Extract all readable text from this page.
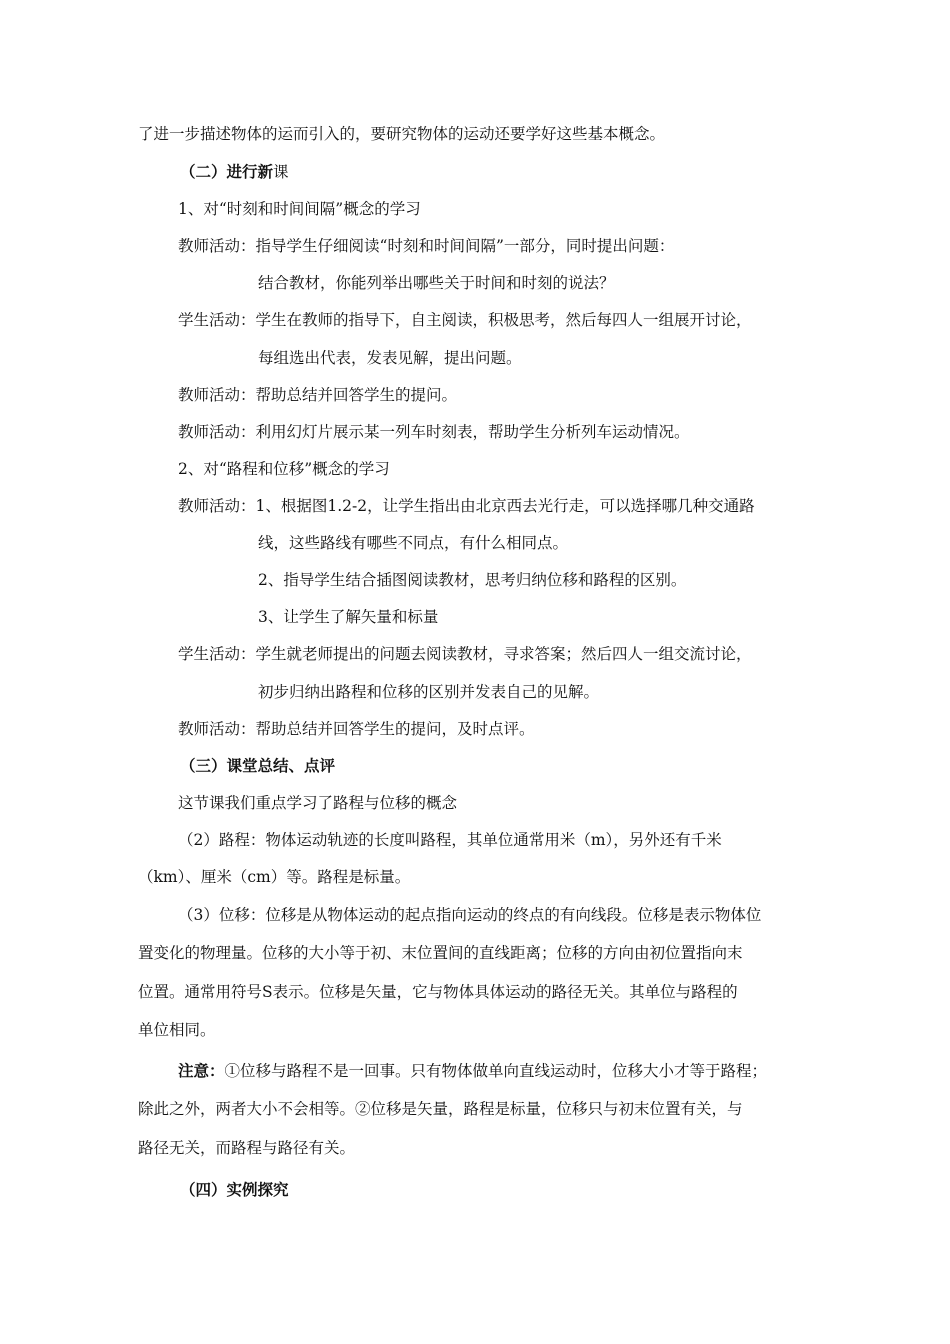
了进一步描述物体的运而引入的，要研究物体的运动还要学好这些基本概念。
（二）进行新课
1、对“时刻和时间间隔”概念的学习
教师活动：指导学生仔细阅读“时刻和时间间隔”一部分，同时提出问题：
结合教材，你能列举出哪些关于时间和时刻的说法？
学生活动：学生在教师的指导下，自主阅读，积极思考，然后每四人一组展开讨论，
每组选出代表，发表见解，提出问题。
教师活动：帮助总结并回答学生的提问。
教师活动：利用幻灯片展示某一列车时刻表，帮助学生分析列车运动情况。
2、对“路程和位移”概念的学习
教师活动：1、根据图1.2-2，让学生指出由北京西去光行走，可以选择哪几种交通路
线，这些路线有哪些不同点，有什么相同点。
2、指导学生结合插图阅读教材，思考归纳位移和路程的区别。
3、让学生了解矢量和标量
学生活动：学生就老师提出的问题去阅读教材，寻求答案；然后四人一组交流讨论，
初步归纳出路程和位移的区别并发表自己的见解。
教师活动：帮助总结并回答学生的提问，及时点评。
（三）课堂总结、点评
这节课我们重点学习了路程与位移的概念
（2）路程：物体运动轨迹的长度叫路程，其单位通常用米（m），另外还有千米
（km）、厘米（cm）等。路程是标量。
（3）位移：位移是从物体运动的起点指向运动的终点的有向线段。位移是表示物体位
置变化的物理量。位移的大小等于初、末位置间的直线距离；位移的方向由初位置指向末
位置。通常用符号S表示。位移是矢量，它与物体具体运动的路径无关。其单位与路程的
单位相同。
注意：①位移与路程不是一回事。只有物体做单向直线运动时，位移大小才等于路程；
除此之外，两者大小不会相等。②位移是矢量，路程是标量，位移只与初末位置有关，与
路径无关，而路程与路径有关。
（四）实例探究
